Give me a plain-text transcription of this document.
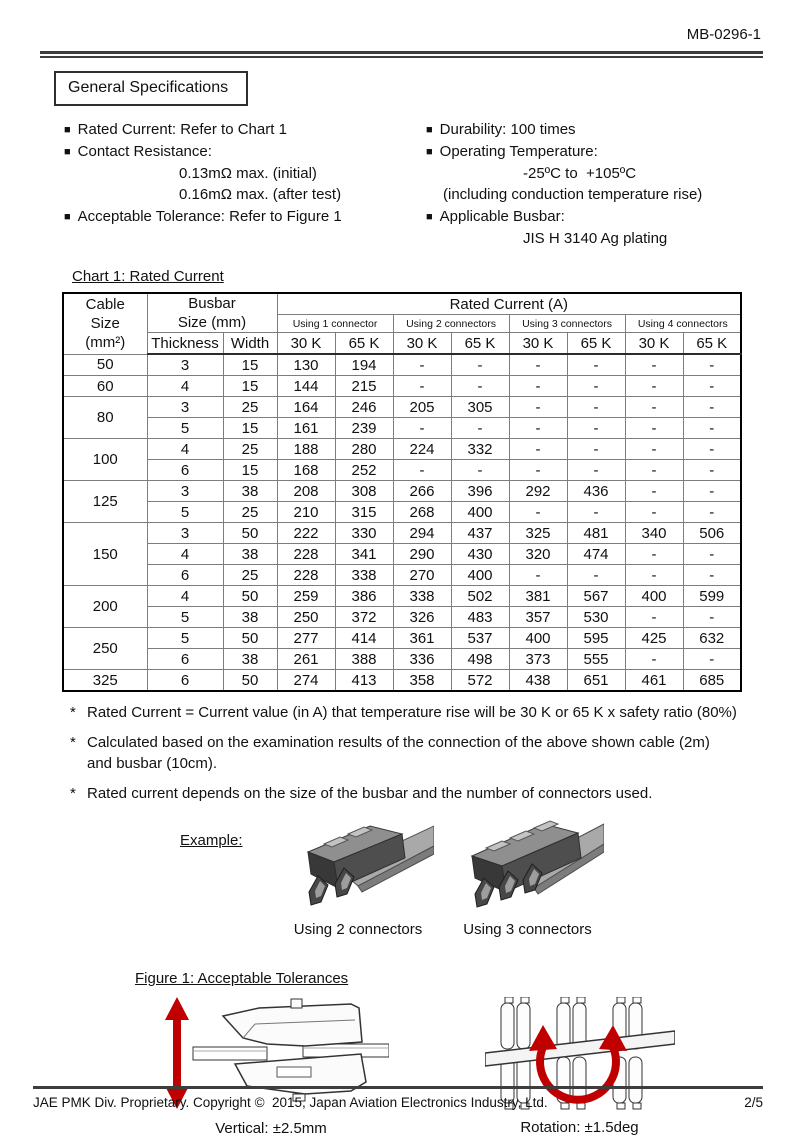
MB-0296-1
General Specifications
■ Rated Current: Refer to Chart 1
■ Contact Resistance:
0.13mΩ max. (initial)
0.16mΩ max. (after test)
■ Acceptable Tolerance: Refer to Figure 1
■ Durability: 100 times
■ Operating Temperature:
-25ºC to  +105ºC
(including conduction temperature rise)
■ Applicable Busbar:
JIS H 3140 Ag plating
Chart 1: Rated Current
Cable
Size
(mm²)

Busbar
Size (mm)
	Rated Current (A)
			Using 1 connector		Using 2 connectors		Using 3 connectors		Using 4 connectors	
	Thickness	Width	30 K	65 K	30 K	65 K	30 K	65 K	30 K	65 K
50	3	15	130	194	-	-	-	-	-	-
60	4	15	144	215	-	-	-	-	-	-
80	3	25	164	246	205	305	-	-	-	-
	5	15	161	239	-	-	-	-	-	-
100	4	25	188	280	224	332	-	-	-	-
	6	15	168	252	-	-	-	-	-	-
125	3	38	208	308	266	396	292	436	-	-
	5	25	210	315	268	400	-	-	-	-
150	3	50	222	330	294	437	325	481	340	506
	4	38	228	341	290	430	320	474	-	-
	6	25	228	338	270	400	-	-	-	-
200	4	50	259	386	338	502	381	567	400	599
	5	38	250	372	326	483	357	530	-	-
250	5	50	277	414	361	537	400	595	425	632
	6	38	261	388	336	498	373	555	-	-
325	6	50	274	413	358	572	438	651	461	685
* Rated Current = Current value (in A) that temperature rise will be 30 K or 65 K x safety ratio (80%)
* Calculated based on the examination results of the connection of the above shown cable (2m) and busbar (10cm).
* Rated current depends on the size of the busbar and the number of connectors used.
Example:
Using 2 connectors	Using 3 connectors
Figure 1: Acceptable Tolerances
Vertical: ±2.5mm	Rotation: ±1.5deg
JAE PMK Div. Proprietary. Copyright ©  2015, Japan Aviation Electronics Industry, Ltd.	2/5
